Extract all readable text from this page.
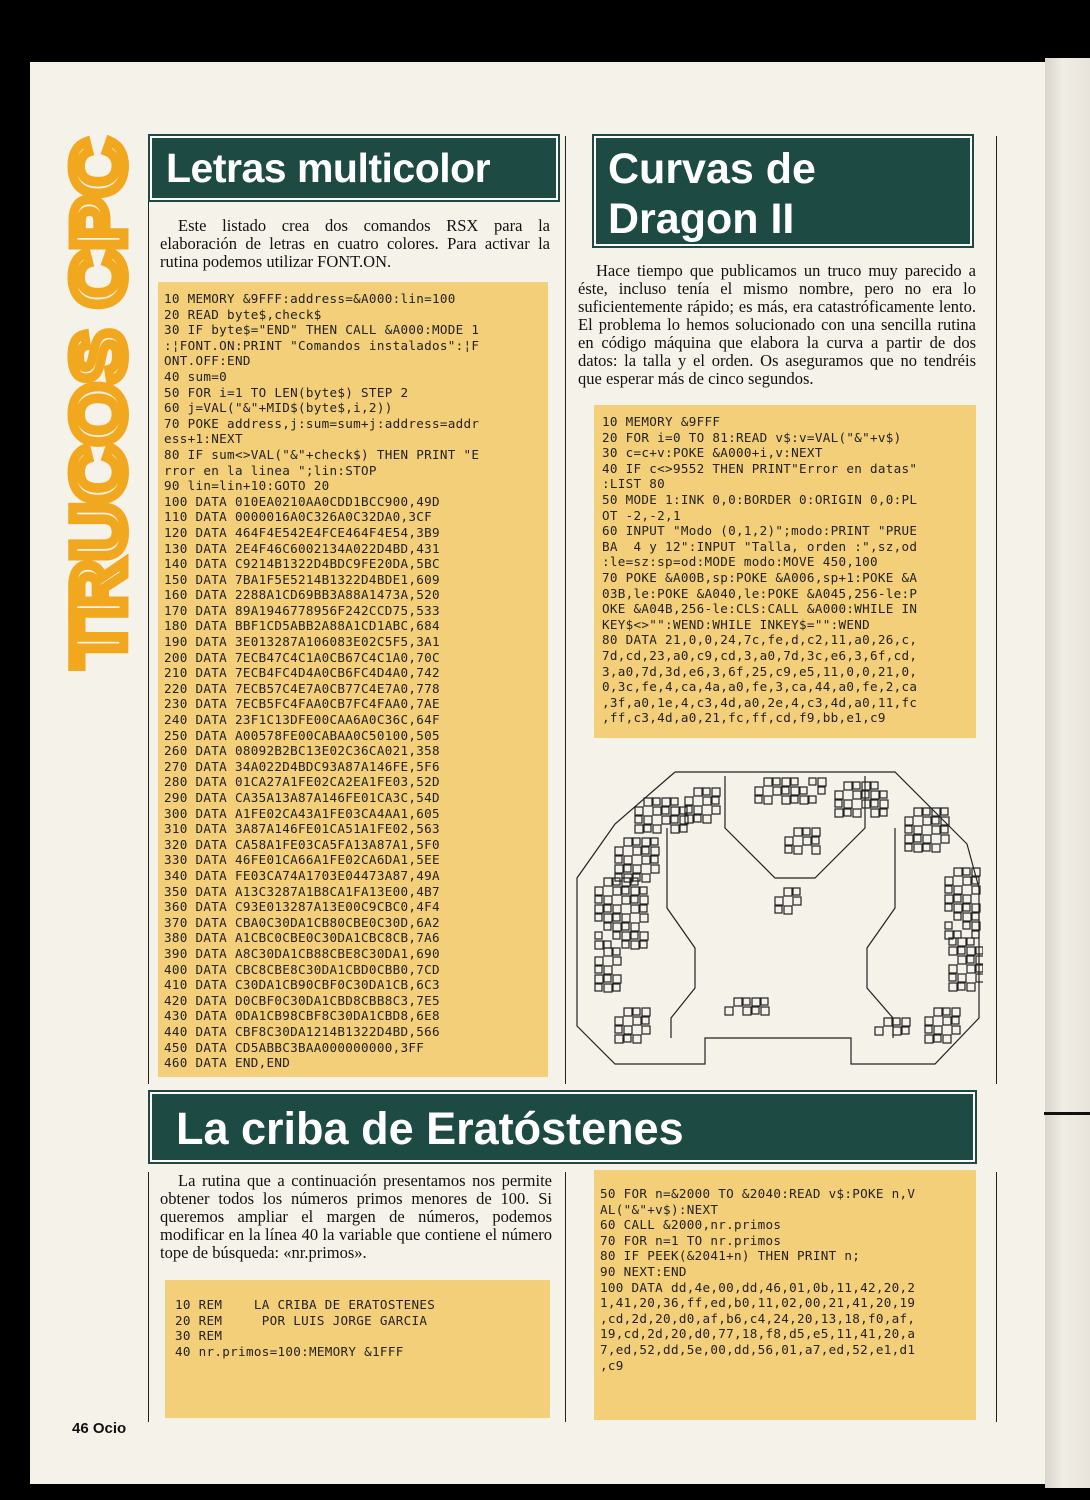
TRUCOS CPC
Letras multicolor
Este listado crea dos comandos RSX para la elaboración de letras en cuatro colores. Para activar la rutina podemos utilizar FONT.ON.
10 MEMORY &9FFF:address=&A000:lin=100
20 READ byte$,check$
30 IF byte$="END" THEN CALL &A000:MODE 1
:¦FONT.ON:PRINT "Comandos instalados":¦F
ONT.OFF:END
40 sum=0
50 FOR i=1 TO LEN(byte$) STEP 2
60 j=VAL("&"+MID$(byte$,i,2))
70 POKE address,j:sum=sum+j:address=addr
ess+1:NEXT
80 IF sum<>VAL("&"+check$) THEN PRINT "E
rror en la linea ";lin:STOP
90 lin=lin+10:GOTO 20
100 DATA 010EA0210AA0CDD1BCC900,49D
110 DATA 0000016A0C326A0C32DA0,3CF
120 DATA 464F4E542E4FCE464F4E54,3B9
130 DATA 2E4F46C6002134A022D4BD,431
140 DATA C9214B1322D4BDC9FE20DA,5BC
150 DATA 7BA1F5E5214B1322D4BDE1,609
160 DATA 2288A1CD69BB3A88A1473A,520
170 DATA 89A1946778956F242CCD75,533
180 DATA BBF1CD5ABB2A88A1CD1ABC,684
190 DATA 3E013287A106083E02C5F5,3A1
200 DATA 7ECB47C4C1A0CB67C4C1A0,70C
210 DATA 7ECB4FC4D4A0CB6FC4D4A0,742
220 DATA 7ECB57C4E7A0CB77C4E7A0,778
230 DATA 7ECB5FC4FAA0CB7FC4FAA0,7AE
240 DATA 23F1C13DFE00CAA6A0C36C,64F
250 DATA A00578FE00CABAA0C50100,505
260 DATA 08092B2BC13E02C36CA021,358
270 DATA 34A022D4BDC93A87A146FE,5F6
280 DATA 01CA27A1FE02CA2EA1FE03,52D
290 DATA CA35A13A87A146FE01CA3C,54D
300 DATA A1FE02CA43A1FE03CA4AA1,605
310 DATA 3A87A146FE01CA51A1FE02,563
320 DATA CA58A1FE03CA5FA13A87A1,5F0
330 DATA 46FE01CA66A1FE02CA6DA1,5EE
340 DATA FE03CA74A1703E04473A87,49A
350 DATA A13C3287A1B8CA1FA13E00,4B7
360 DATA C93E013287A13E00C9CBC0,4F4
370 DATA CBA0C30DA1CB80CBE0C30D,6A2
380 DATA A1CBC0CBE0C30DA1CBC8CB,7A6
390 DATA A8C30DA1CB88CBE8C30DA1,690
400 DATA CBC8CBE8C30DA1CBD0CBB0,7CD
410 DATA C30DA1CB90CBF0C30DA1CB,6C3
420 DATA D0CBF0C30DA1CBD8CBB8C3,7E5
430 DATA 0DA1CB98CBF8C30DA1CBD8,6E8
440 DATA CBF8C30DA1214B1322D4BD,566
450 DATA CD5ABBC3BAA000000000,3FF
460 DATA END,END
Curvas de
Dragon II
Hace tiempo que publicamos un truco muy parecido a éste, incluso tenía el mismo nombre, pero no era lo suficientemente rápido; es más, era catastróficamente lento. El problema lo hemos solucionado con una sencilla rutina en código máquina que elabora la curva a partir de dos datos: la talla y el orden. Os aseguramos que no tendréis que esperar más de cinco segundos.
10 MEMORY &9FFF
20 FOR i=0 TO 81:READ v$:v=VAL("&"+v$)
30 c=c+v:POKE &A000+i,v:NEXT
40 IF c<>9552 THEN PRINT"Error en datas"
:LIST 80
50 MODE 1:INK 0,0:BORDER 0:ORIGIN 0,0:PL
OT -2,-2,1
60 INPUT "Modo (0,1,2)";modo:PRINT "PRUE
BA  4 y 12":INPUT "Talla, orden :",sz,od
:le=sz:sp=od:MODE modo:MOVE 450,100
70 POKE &A00B,sp:POKE &A006,sp+1:POKE &A
03B,le:POKE &A040,le:POKE &A045,256-le:P
OKE &A04B,256-le:CLS:CALL &A000:WHILE IN
KEY$<>"":WEND:WHILE INKEY$="":WEND
80 DATA 21,0,0,24,7c,fe,d,c2,11,a0,26,c,
7d,cd,23,a0,c9,cd,3,a0,7d,3c,e6,3,6f,cd,
3,a0,7d,3d,e6,3,6f,25,c9,e5,11,0,0,21,0,
0,3c,fe,4,ca,4a,a0,fe,3,ca,44,a0,fe,2,ca
,3f,a0,1e,4,c3,4d,a0,2e,4,c3,4d,a0,11,fc
,ff,c3,4d,a0,21,fc,ff,cd,f9,bb,e1,c9
La criba de Eratóstenes
La rutina que a continuación presentamos nos permite obtener todos los números primos menores de 100. Si queremos ampliar el margen de números, podemos modificar en la línea 40 la variable que contiene el número tope de búsqueda: «nr.primos».
10 REM    LA CRIBA DE ERATOSTENES
20 REM     POR LUIS JORGE GARCIA
30 REM
40 nr.primos=100:MEMORY &1FFF
50 FOR n=&2000 TO &2040:READ v$:POKE n,V
AL("&"+v$):NEXT
60 CALL &2000,nr.primos
70 FOR n=1 TO nr.primos
80 IF PEEK(&2041+n) THEN PRINT n;
90 NEXT:END
100 DATA dd,4e,00,dd,46,01,0b,11,42,20,2
1,41,20,36,ff,ed,b0,11,02,00,21,41,20,19
,cd,2d,20,d0,af,b6,c4,24,20,13,18,f0,af,
19,cd,2d,20,d0,77,18,f8,d5,e5,11,41,20,a
7,ed,52,dd,5e,00,dd,56,01,a7,ed,52,e1,d1
,c9
46 Ocio
